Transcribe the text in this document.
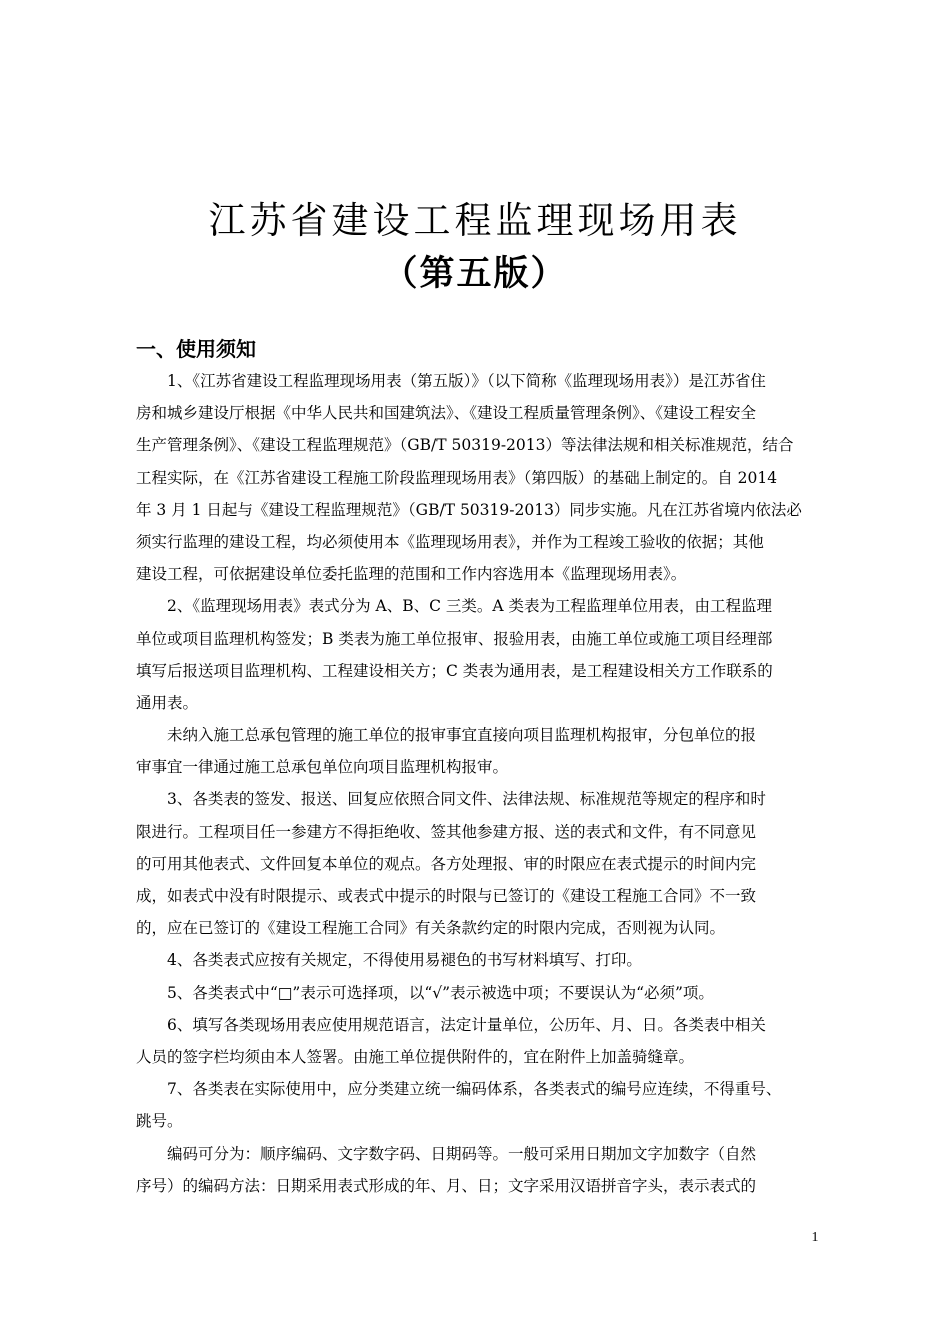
江苏省建设工程监理现场用表
（第五版）
一、使用须知
1、《江苏省建设工程监理现场用表（第五版）》（以下简称《监理现场用表》）是江苏省住
房和城乡建设厅根据《中华人民共和国建筑法》、《建设工程质量管理条例》、《建设工程安全
生产管理条例》、《建设工程监理规范》（GB/T 50319-2013）等法律法规和相关标准规范，结合
工程实际，在《江苏省建设工程施工阶段监理现场用表》（第四版）的基础上制定的。自 2014
年 3 月 1 日起与《建设工程监理规范》（GB/T 50319-2013）同步实施。凡在江苏省境内依法必
须实行监理的建设工程，均必须使用本《监理现场用表》，并作为工程竣工验收的依据；其他
建设工程，可依据建设单位委托监理的范围和工作内容选用本《监理现场用表》。
2、《监理现场用表》表式分为 A、B、C 三类。A 类表为工程监理单位用表，由工程监理
单位或项目监理机构签发；B 类表为施工单位报审、报验用表，由施工单位或施工项目经理部
填写后报送项目监理机构、工程建设相关方；C 类表为通用表，是工程建设相关方工作联系的
通用表。
未纳入施工总承包管理的施工单位的报审事宜直接向项目监理机构报审，分包单位的报
审事宜一律通过施工总承包单位向项目监理机构报审。
3、各类表的签发、报送、回复应依照合同文件、法律法规、标准规范等规定的程序和时
限进行。工程项目任一参建方不得拒绝收、签其他参建方报、送的表式和文件，有不同意见
的可用其他表式、文件回复本单位的观点。各方处理报、审的时限应在表式提示的时间内完
成，如表式中没有时限提示、或表式中提示的时限与已签订的《建设工程施工合同》不一致
的，应在已签订的《建设工程施工合同》有关条款约定的时限内完成，否则视为认同。
4、各类表式应按有关规定，不得使用易褪色的书写材料填写、打印。
5、各类表式中“□”表示可选择项，以“√”表示被选中项；不要误认为“必须”项。
6、填写各类现场用表应使用规范语言，法定计量单位，公历年、月、日。各类表中相关
人员的签字栏均须由本人签署。由施工单位提供附件的，宜在附件上加盖骑缝章。
7、各类表在实际使用中，应分类建立统一编码体系，各类表式的编号应连续，不得重号、
跳号。
编码可分为：顺序编码、文字数字码、日期码等。一般可采用日期加文字加数字（自然
序号）的编码方法：日期采用表式形成的年、月、日；文字采用汉语拼音字头，表示表式的
1
